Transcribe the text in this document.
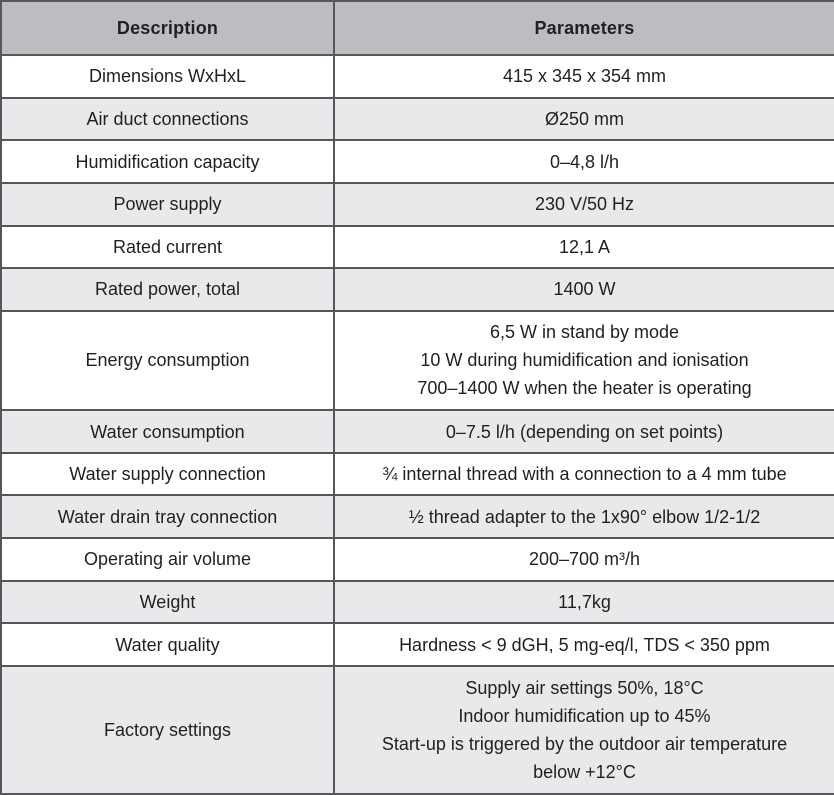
Description	Parameters
Dimensions WxHxL	415 x 345 x 354 mm

Air duct connections	Ø250 mm

Humidification capacity	0–4,8 l/h

Power supply	230 V/50 Hz

Rated current	12,1 A

Rated power, total	1400 W

Energy consumption	6,5 W in stand by mode
10 W during humidification and ionisation
700–1400 W when the heater is operating

Water consumption	0–7.5 l/h (depending on set points)

Water supply connection	¾ internal thread with a connection to a 4 mm tube

Water drain tray connection	½ thread adapter to the 1x90° elbow 1/2-1/2

Operating air volume	200–700 m³/h

Weight	11,7kg

Water quality	Hardness < 9 dGH, 5 mg-eq/l, TDS < 350 ppm

Factory settings	Supply air settings 50%, 18°C
Indoor humidification up to 45%
Start-up is triggered by the outdoor air temperature
below +12°C
